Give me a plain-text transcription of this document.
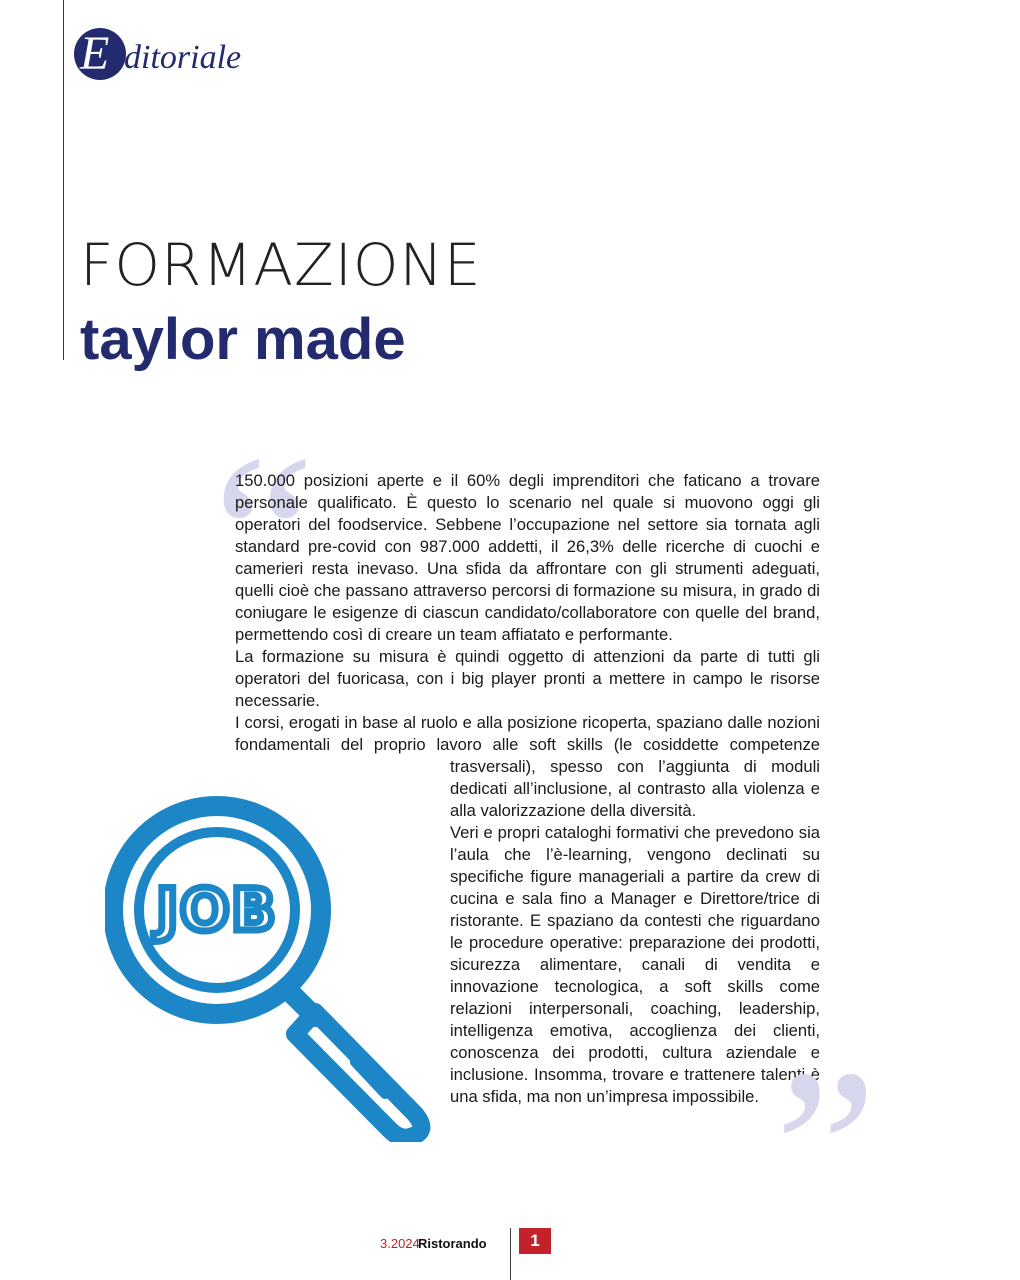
E ditoriale
FORMAZIONE
taylor made
“

150.000 posizioni aperte e il 60% degli imprenditori che faticano a trovare personale qualificato. È questo lo scenario nel quale si muovono oggi gli operatori del foodservice. Sebbene l’occupazione nel settore sia tornata agli standard pre-covid con 987.000 addetti, il 26,3% delle ricerche di cuochi e camerieri resta inevaso. Una sfida da affrontare con gli strumenti adeguati, quelli cioè che passano attraverso percorsi di formazione su misura, in grado di coniugare le esigenze di ciascun candidato/collaboratore con quelle del brand, permettendo così di creare un team affiatato e performante.

La formazione su misura è quindi oggetto di attenzioni da parte di tutti gli operatori del fuoricasa, con i big player pronti a mettere in campo le risorse necessarie.

I corsi, erogati in base al ruolo e alla posizione ricoperta, spaziano dalle nozioni fondamentali del proprio lavoro alle soft skills (le cosiddette competenze trasversali), spesso con l’aggiunta di moduli dedicati all’inclusione, al contrasto alla violenza e alla valorizzazione della diversità.

Veri e propri cataloghi formativi che prevedono sia l’aula che l’è-learning, vengono declinati su specifiche figure manageriali a partire da crew di cucina e sala fino a Manager e Direttore/trice di ristorante. E spaziano da contesti che riguardano le procedure operative: preparazione dei prodotti, sicurezza alimentare, canali di vendita e innovazione tecnologica, a soft skills come relazioni interpersonali, coaching, leadership, intelligenza emotiva, accoglienza dei clienti, conoscenza dei prodotti, cultura aziendale e inclusione. Insomma, trovare e trattenere talenti è una sfida, ma non un’impresa impossibile.

”
JOB
3.2024
Ristorando	1
